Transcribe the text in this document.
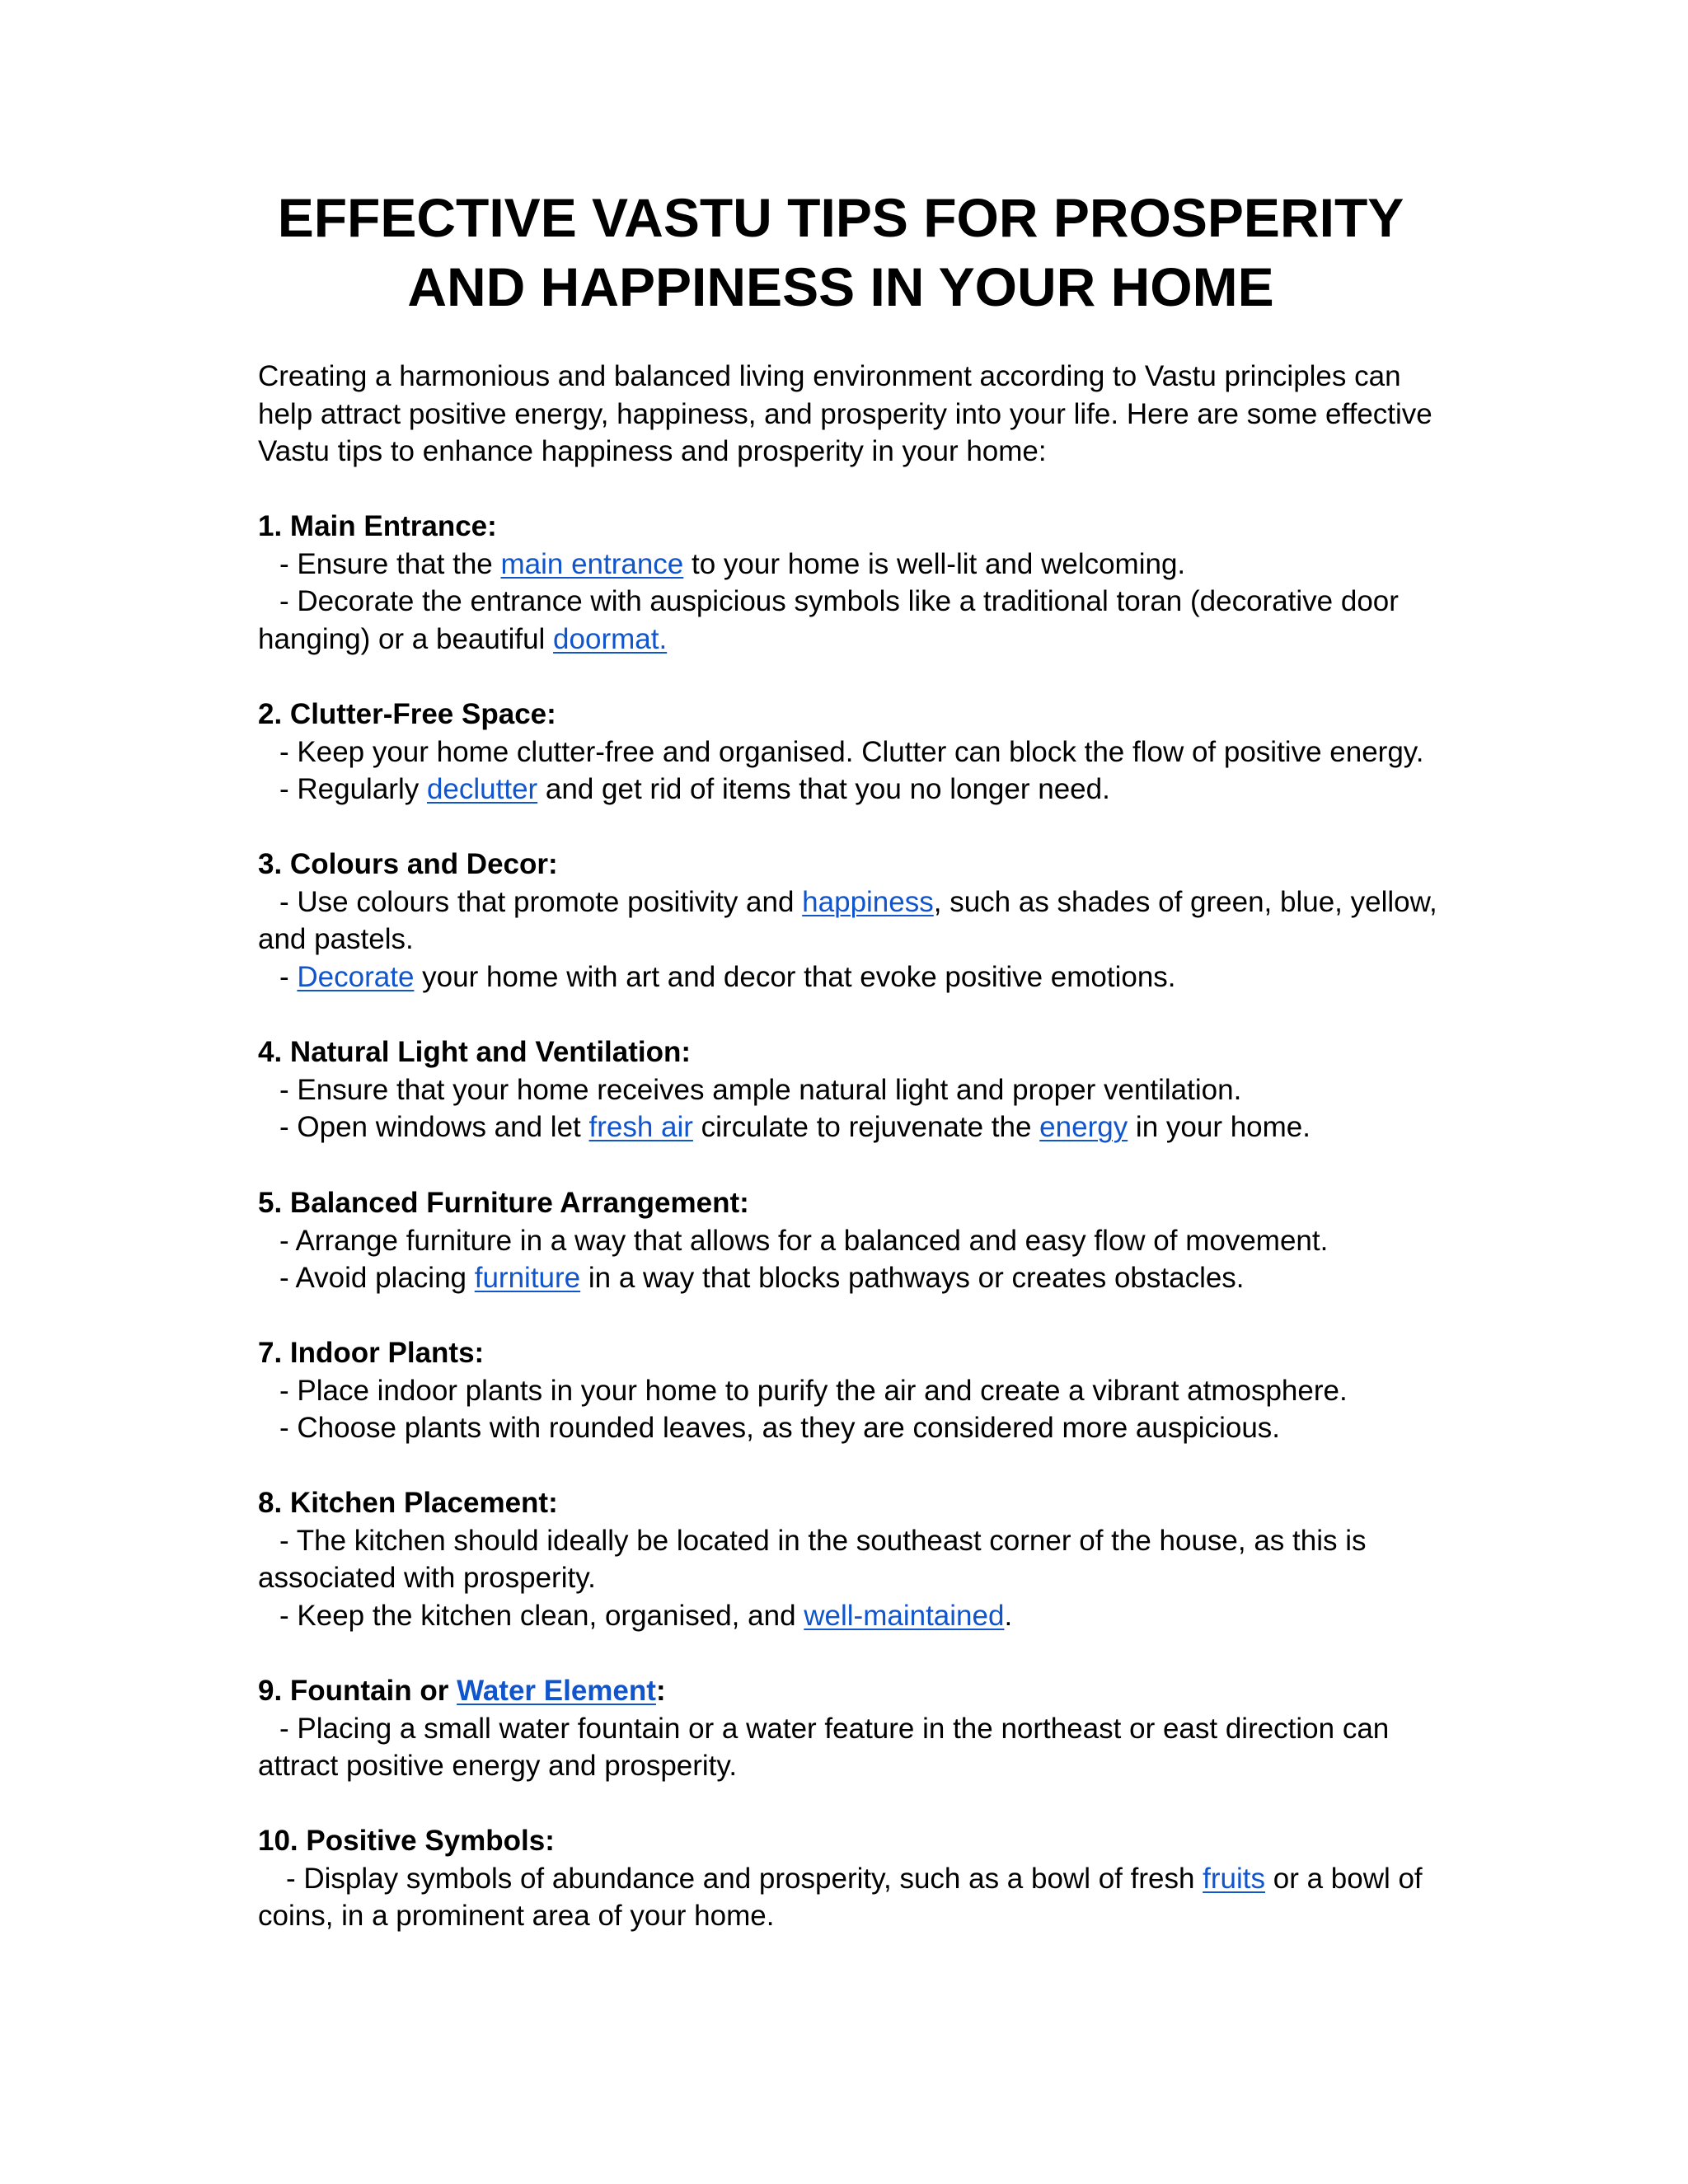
EFFECTIVE VASTU TIPS FOR PROSPERITY
AND HAPPINESS IN YOUR HOME
Creating a harmonious and balanced living environment according to Vastu principles can
help attract positive energy, happiness, and prosperity into your life. Here are some effective
Vastu tips to enhance happiness and prosperity in your home:
1. Main Entrance:
- Ensure that the main entrance to your home is well-lit and welcoming.
- Decorate the entrance with auspicious symbols like a traditional toran (decorative door
hanging) or a beautiful doormat.
2. Clutter-Free Space:
- Keep your home clutter-free and organised. Clutter can block the flow of positive energy.
- Regularly declutter and get rid of items that you no longer need.
3. Colours and Decor:
- Use colours that promote positivity and happiness, such as shades of green, blue, yellow,
and pastels.
- Decorate your home with art and decor that evoke positive emotions.
4. Natural Light and Ventilation:
- Ensure that your home receives ample natural light and proper ventilation.
- Open windows and let fresh air circulate to rejuvenate the energy in your home.
5. Balanced Furniture Arrangement:
- Arrange furniture in a way that allows for a balanced and easy flow of movement.
- Avoid placing furniture in a way that blocks pathways or creates obstacles.
7. Indoor Plants:
- Place indoor plants in your home to purify the air and create a vibrant atmosphere.
- Choose plants with rounded leaves, as they are considered more auspicious.
8. Kitchen Placement:
- The kitchen should ideally be located in the southeast corner of the house, as this is
associated with prosperity.
- Keep the kitchen clean, organised, and well-maintained.
9. Fountain or Water Element:
- Placing a small water fountain or a water feature in the northeast or east direction can
attract positive energy and prosperity.
10. Positive Symbols:
- Display symbols of abundance and prosperity, such as a bowl of fresh fruits or a bowl of
coins, in a prominent area of your home.
